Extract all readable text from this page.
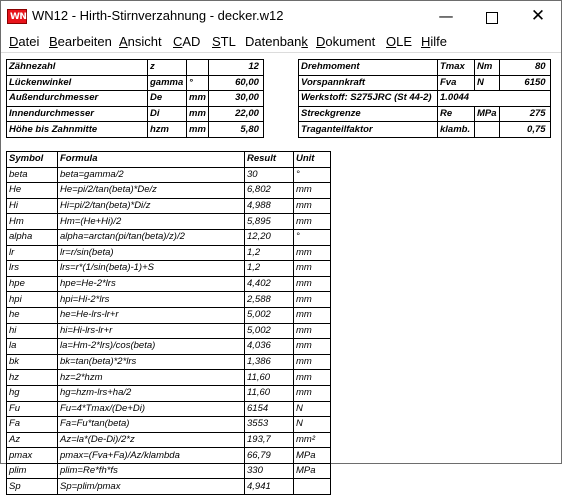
WN WN12 - Hirth-Stirnverzahnung - decker.w12	—	✕
Datei Bearbeiten Ansicht CAD STL Datenbank Dokument OLE Hilfe
Zähnezahl	z		12
Lückenwinkel	gamma	°	60,00
Außendurchmesser	De	mm	30,00
Innendurchmesser	Di	mm	22,00
Höhe bis Zahnmitte	hzm	mm	5,80
Drehmoment	Tmax	Nm	80
Vorspannkraft	Fva	N	6150
Werkstoff: S275JRC (St 44-2)	1.0044		
Streckgrenze	Re	MPa	275
Traganteilfaktor	klamb.		0,75
Symbol	Formula	Result	Unit
beta	beta=gamma/2	30	°
He	He=pi/2/tan(beta)*De/z	6,802	mm
Hi	Hi=pi/2/tan(beta)*Di/z	4,988	mm
Hm	Hm=(He+Hi)/2	5,895	mm
alpha	alpha=arctan(pi/tan(beta)/z)/2	12,20	°
lr	lr=r/sin(beta)	1,2	mm
lrs	lrs=r*(1/sin(beta)-1)+S	1,2	mm
hpe	hpe=He-2*lrs	4,402	mm
hpi	hpi=Hi-2*lrs	2,588	mm
he	he=He-lrs-lr+r	5,002	mm
hi	hi=Hi-lrs-lr+r	5,002	mm
la	la=Hm-2*lrs)/cos(beta)	4,036	mm
bk	bk=tan(beta)*2*lrs	1,386	mm
hz	hz=2*hzm	11,60	mm
hg	hg=hzm-lrs+ha/2	11,60	mm
Fu	Fu=4*Tmax/(De+Di)	6154	N
Fa	Fa=Fu*tan(beta)	3553	N
Az	Az=la*(De-Di)/2*z	193,7	mm²
pmax	pmax=(Fva+Fa)/Az/klambda	66,79	MPa
plim	plim=Re*fh*fs	330	MPa
Sp	Sp=plim/pmax	4,941	
